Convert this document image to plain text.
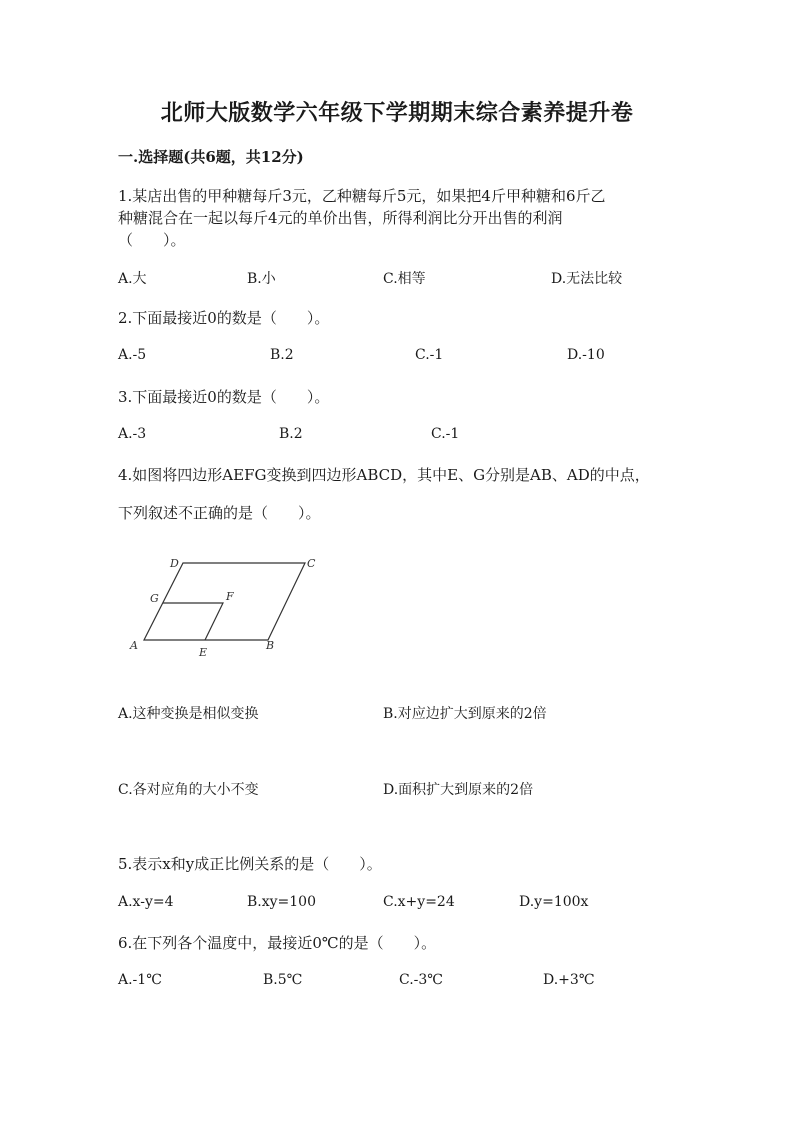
北师大版数学六年级下学期期末综合素养提升卷
一.选择题(共6题，共12分)
1.某店出售的甲种糖每斤3元，乙种糖每斤5元，如果把4斤甲种糖和6斤乙
种糖混合在一起以每斤4元的单价出售，所得利润比分开出售的利润
（　　）。
A.大	B.小	C.相等	D.无法比较
2.下面最接近0的数是（　　）。
A.-5	B.2	C.-1	D.-10
3.下面最接近0的数是（　　）。
A.-3	B.2	C.-1
4.如图将四边形AEFG变换到四边形ABCD，其中E、G分别是AB、AD的中点，
下列叙述不正确的是（　　）。
D	C
G	F
A
E
B
A.这种变换是相似变换	B.对应边扩大到原来的2倍
C.各对应角的大小不变	D.面积扩大到原来的2倍
5.表示x和y成正比例关系的是（　　）。
A.x-y=4	B.xy=100	C.x+y=24	D.y=100x
6.在下列各个温度中，最接近0℃的是（　　）。
A.-1℃	B.5℃	C.-3℃	D.+3℃
